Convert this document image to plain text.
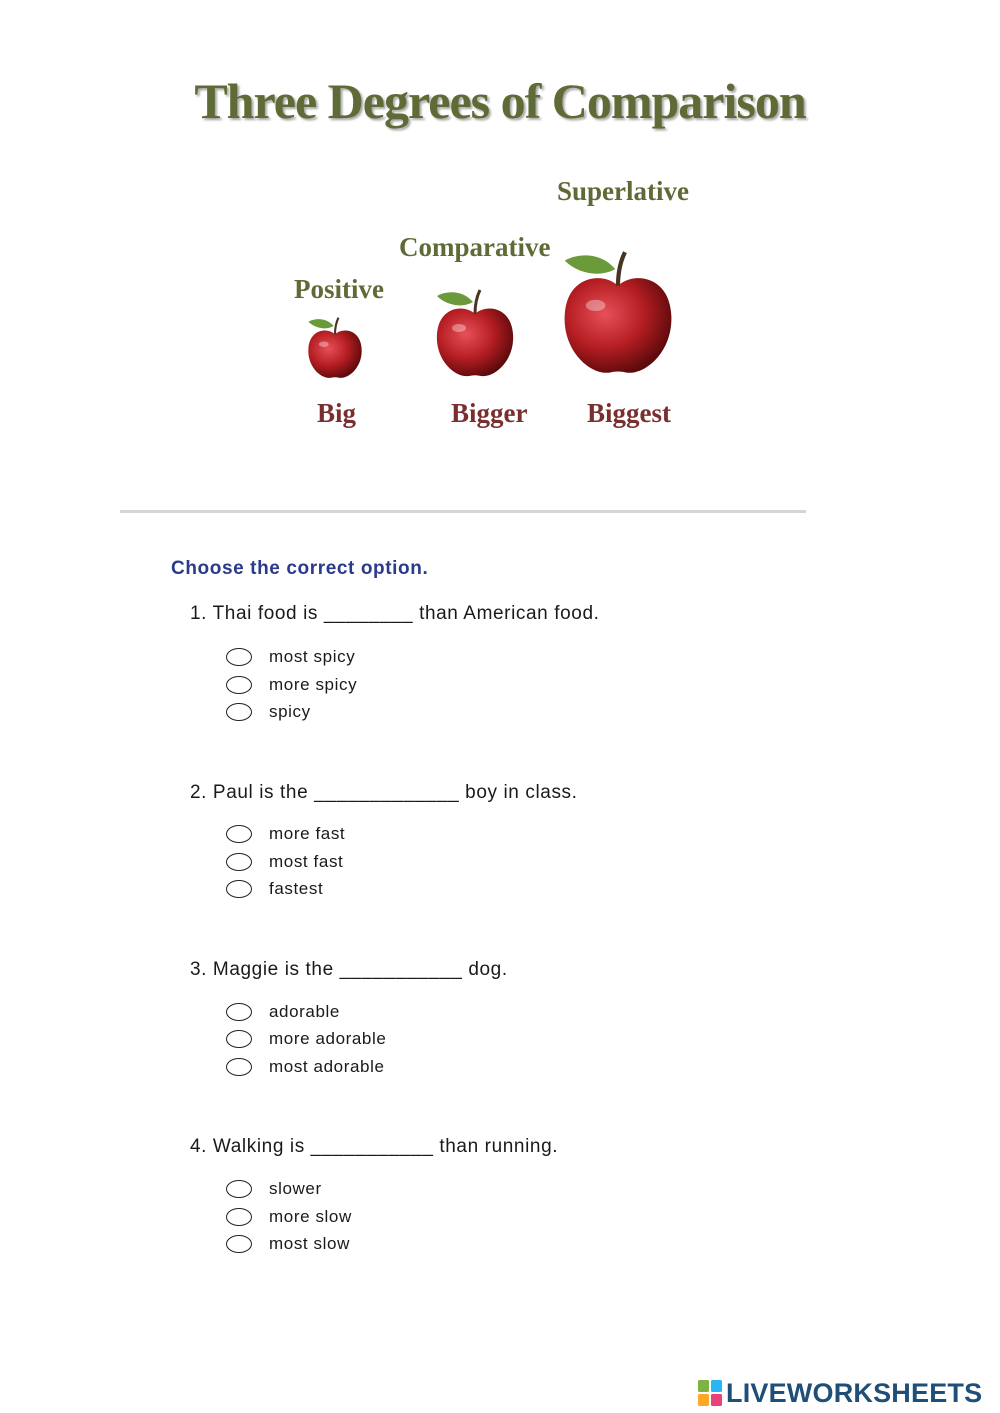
Three Degrees of Comparison
Positive
Comparative
Superlative
Big	Bigger Biggest
Choose the correct option.
1. Thai food is ________ than American food.
most spicy
more spicy
spicy
2. Paul is the _____________ boy in class.
more fast
most fast
fastest
3. Maggie is the ___________ dog.
adorable
more adorable
most adorable
4. Walking is ___________ than running.
slower
more slow
most slow
LIVEWORKSHEETS
